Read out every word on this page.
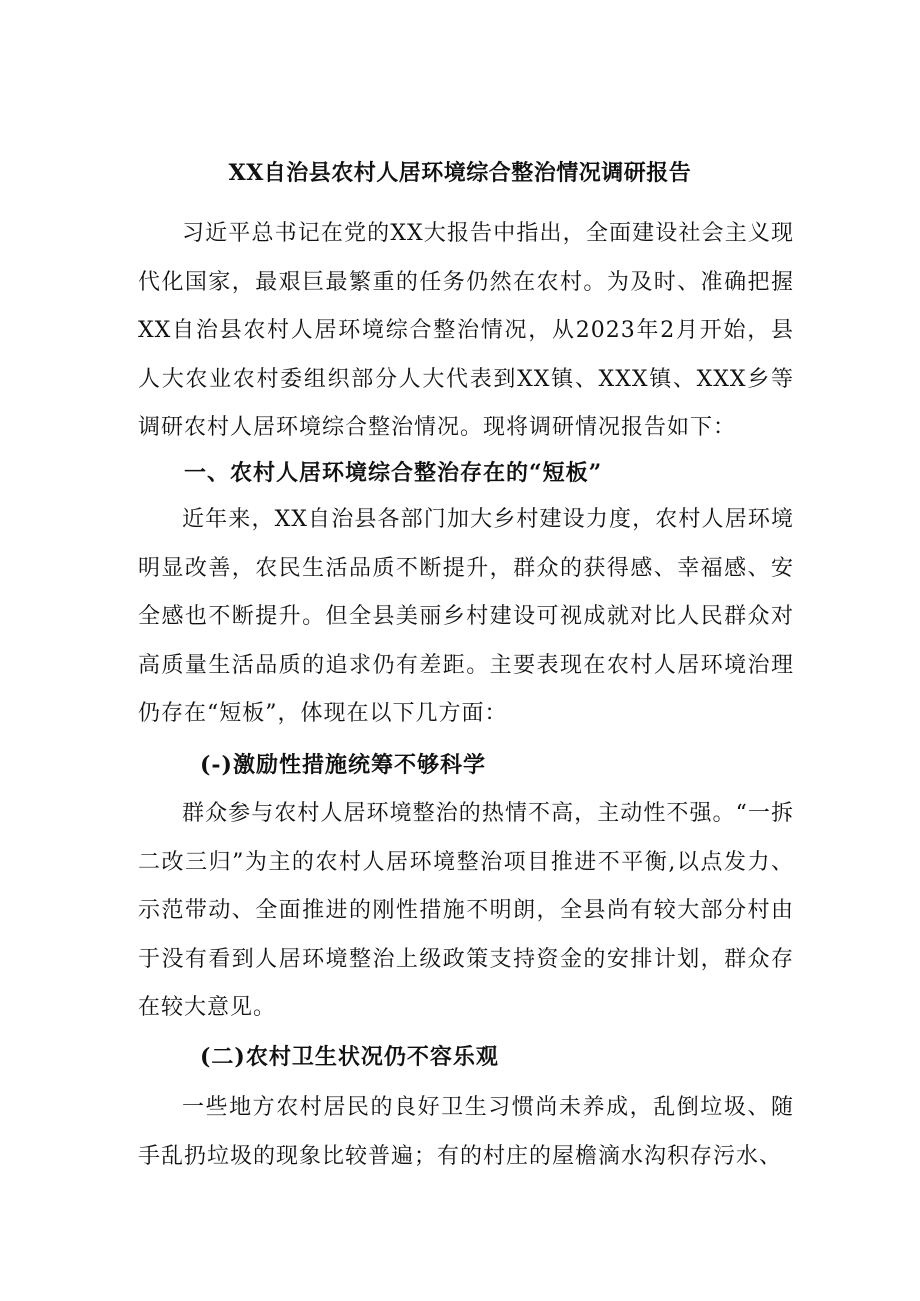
XX自治县农村人居环境综合整治情况调研报告

习近平总书记在党的XX大报告中指出，全面建设社会主义现代化国家，最艰巨最繁重的任务仍然在农村。为及时、准确把握XX自治县农村人居环境综合整治情况，从2023年2月开始，县人大农业农村委组织部分人大代表到XX镇、XXX镇、XXX乡等调研农村人居环境综合整治情况。现将调研情况报告如下：

一、农村人居环境综合整治存在的“短板”

近年来，XX自治县各部门加大乡村建设力度，农村人居环境明显改善，农民生活品质不断提升，群众的获得感、幸福感、安全感也不断提升。但全县美丽乡村建设可视成就对比人民群众对高质量生活品质的追求仍有差距。主要表现在农村人居环境治理仍存在“短板”，体现在以下几方面：

(-)激励性措施统筹不够科学

群众参与农村人居环境整治的热情不高，主动性不强。“一拆二改三归”为主的农村人居环境整治项目推进不平衡,以点发力、示范带动、全面推进的刚性措施不明朗，全县尚有较大部分村由于没有看到人居环境整治上级政策支持资金的安排计划，群众存在较大意见。

(二)农村卫生状况仍不容乐观

一些地方农村居民的良好卫生习惯尚未养成，乱倒垃圾、随手乱扔垃圾的现象比较普遍；有的村庄的屋檐滴水沟积存污水、
